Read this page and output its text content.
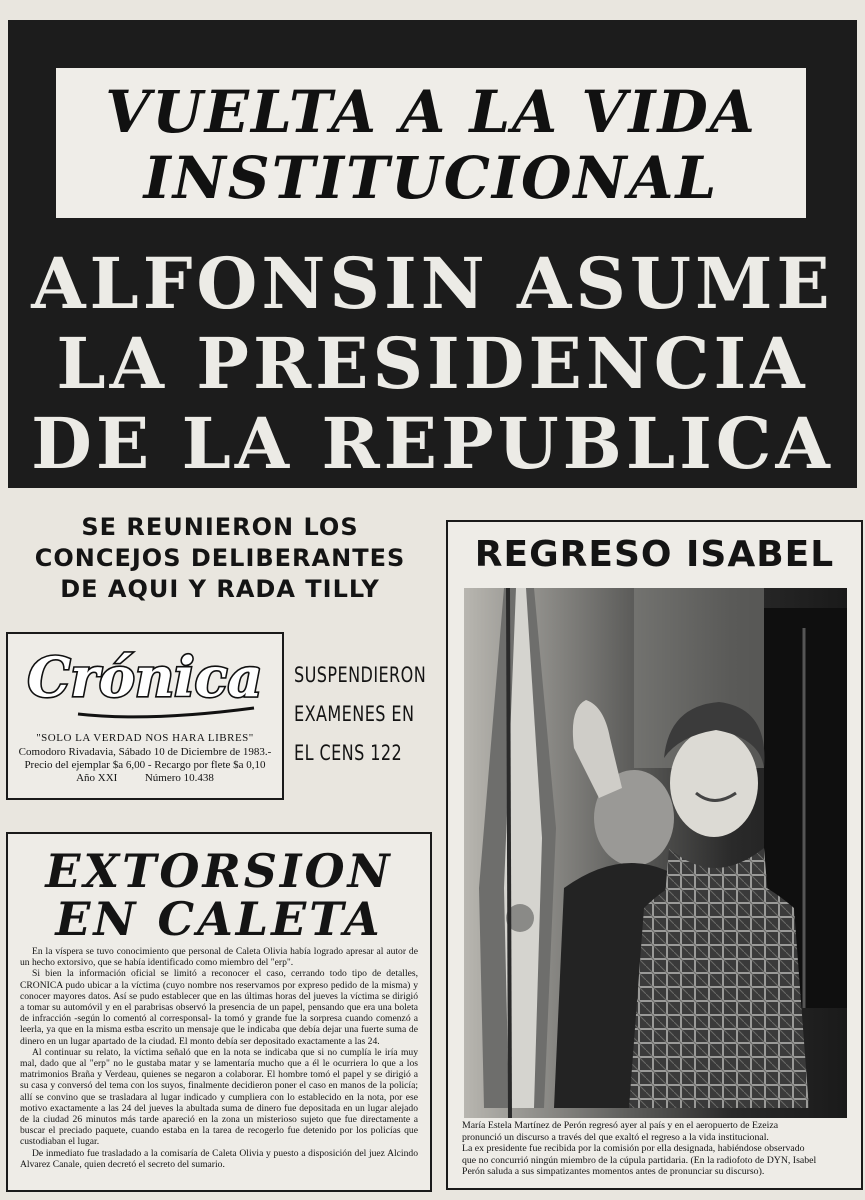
VUELTA A LA VIDA
INSTITUCIONAL
ALFONSIN ASUME
LA PRESIDENCIA
DE LA REPUBLICA
SE REUNIERON LOS
CONCEJOS DELIBERANTES
DE AQUI Y RADA TILLY
Crónica
"SOLO LA VERDAD NOS HARA LIBRES"
Comodoro Rivadavia, Sábado 10 de Diciembre de 1983.-
Precio del ejemplar $a 6,00 - Recargo por flete $a 0,10
Año XXI          Número 10.438
SUSPENDIERON
EXAMENES EN
EL CENS 122
EXTORSION
EN CALETA

En la víspera se tuvo conocimiento que personal de Caleta Olivia había logrado apresar al autor de un hecho extorsivo, que se había identificado como miembro del "erp".

Si bien la información oficial se limitó a reconocer el caso, cerrando todo tipo de detalles, CRONICA pudo ubicar a la víctima (cuyo nombre nos reservamos por expreso pedido de la misma) y conocer mayores datos. Así se pudo establecer que en las últimas horas del jueves la víctima se dirigió a tomar su automóvil y en el parabrisas observó la presencia de un papel, pensando que era una boleta de infracción -según lo comentó al corresponsal- la tomó y grande fue la sorpresa cuando comenzó a leerla, ya que en la misma estba escrito un mensaje que le indicaba que debía dejar una fuerte suma de dinero en un lugar apartado de la ciudad. El monto debía ser depositado exactamente a las 24.

Al continuar su relato, la víctima señaló que en la nota se indicaba que si no cumplía le iría muy mal, dado que al "erp" no le gustaba matar y se lamentaría mucho que a él le ocurriera lo que a los matrimonios Braña y Verdeau, quienes se negaron a colaborar. El hombre tomó el papel y se dirigió a su casa y conversó del tema con los suyos, finalmente decidieron poner el caso en manos de la policía; allí se convino que se trasladara al lugar indicado y cumpliera con lo establecido en la nota, por ese motivo exactamente a las 24 del jueves la abultada suma de dinero fue depositada en un lugar alejado de la ciudad 26 minutos más tarde apareció en la zona un misterioso sujeto que fue directamente a buscar el preciado paquete, cuando estaba en la tarea de recogerlo fue detenido por los policías que custodiaban el lugar.

De inmediato fue trasladado a la comisaría de Caleta Olivia y puesto a disposición del juez Alcindo Alvarez Canale, quien decretó el secreto del sumario.

REGRESO ISABEL
María Estela Martínez de Perón regresó ayer al país y en el aeropuerto de Ezeiza
pronunció un discurso a través del que exaltó el regreso a la vida institucional.
La ex presidente fue recibida por la comisión por ella designada, habiéndose observado
que no concurrió ningún miembro de la cúpula partidaria. (En la radiofoto de DYN, Isabel
Perón saluda a sus simpatizantes momentos antes de pronunciar su discurso).
